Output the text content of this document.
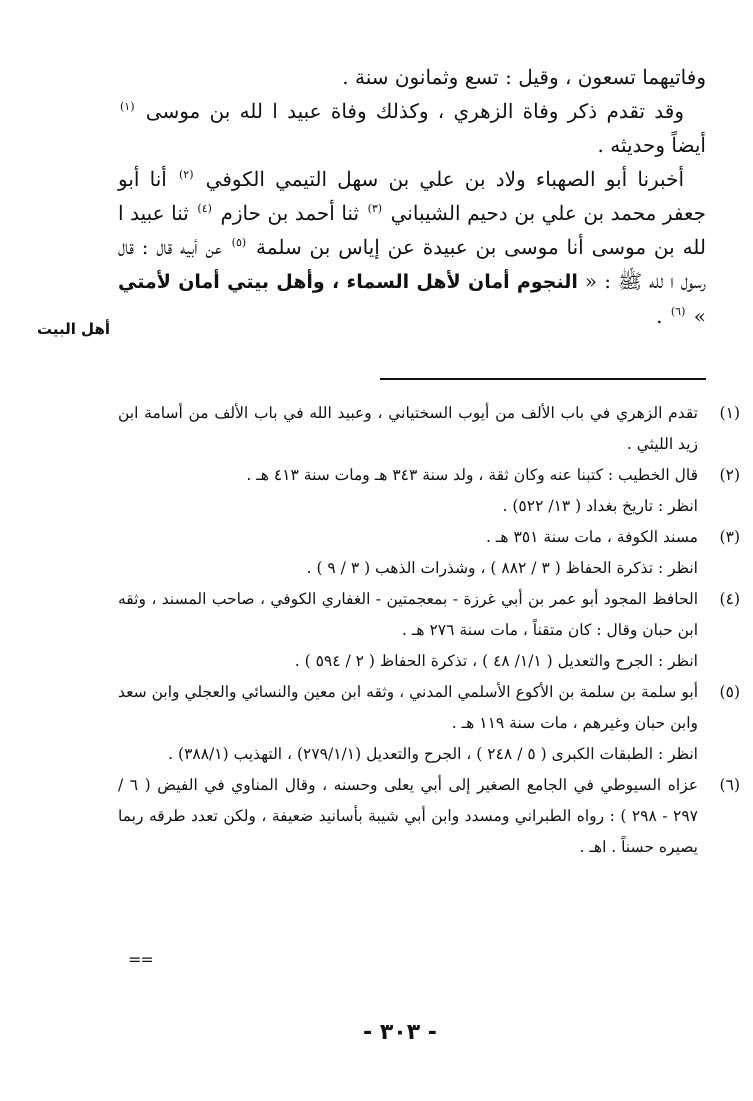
وفاتيهما تسعون ، وقيل : تسع وثمانون سنة .

وقد تقدم ذكر وفاة الزهري ، وكذلك وفاة عبيد ا لله بن موسى $^{(١)}$ أيضاً وحديثه .

أخبرنا أبو الصهباء ولاد بن علي بن سهل التيمي الكوفي $^{(٢)}$ أنا أبو جعفر محمد بن علي بن دحيم الشيباني $^{(٣)}$ ثنا أحمد بن حازم $^{(٤)}$ ثنا عبيد ا لله بن موسى أنا موسى بن عبيدة عن إياس بن سلمة $^{(٥)}$ عن أبيه قال : قال رسول ا لله ﷺ : « النجوم أمان لأهل السماء ، وأهل بيتي أمان لأمتي » $^{(٦)}$ .

أهل البيت
(١)

تقدم الزهري في باب الألف من أيوب السختياني ، وعبيد الله في باب الألف من أسامة ابن زيد الليثي .

(٢)

قال الخطيب : كتبنا عنه وكان ثقة ، ولد سنة ٣٤٣ هـ ومات سنة ٤١٣ هـ .

انظر : تاريخ بغداد ( ١٣/ ٥٢٢) .

(٣)

مسند الكوفة ، مات سنة ٣٥١ هـ .

انظر : تذكرة الحفاظ ( ٣ / ٨٨٢ ) ، وشذرات الذهب ( ٣ / ٩ ) .

(٤)

الحافظ المجود أبو عمر بن أبي غرزة - بمعجمتين - الغفاري الكوفي ، صاحب المسند ، وثقه ابن حبان وقال : كان متقناً ، مات سنة ٢٧٦ هـ .

انظر : الجرح والتعديل ( ١/١/ ٤٨ ) ، تذكرة الحفاظ ( ٢ / ٥٩٤ ) .

(٥)

أبو سلمة بن سلمة بن الأكوع الأسلمي المدني ، وثقه ابن معين والنسائي والعجلي وابن سعد وابن حبان وغيرهم ، مات سنة ١١٩ هـ .

انظر : الطبقات الكبرى ( ٥ / ٢٤٨ ) ، الجرح والتعديل (٢٧٩/١/١) ، التهذيب (٣٨٨/١) .

(٦)

عزاه السيوطي في الجامع الصغير إلى أبي يعلى وحسنه ، وقال المناوي في الفيض ( ٦ / ٢٩٧ - ٢٩٨ ) : رواه الطبراني ومسدد وابن أبي شيبة بأسانيد ضعيفة ، ولكن تعدد طرقه ربما يصيره حسناً . اهـ .

==
- ٣٠٣ -
